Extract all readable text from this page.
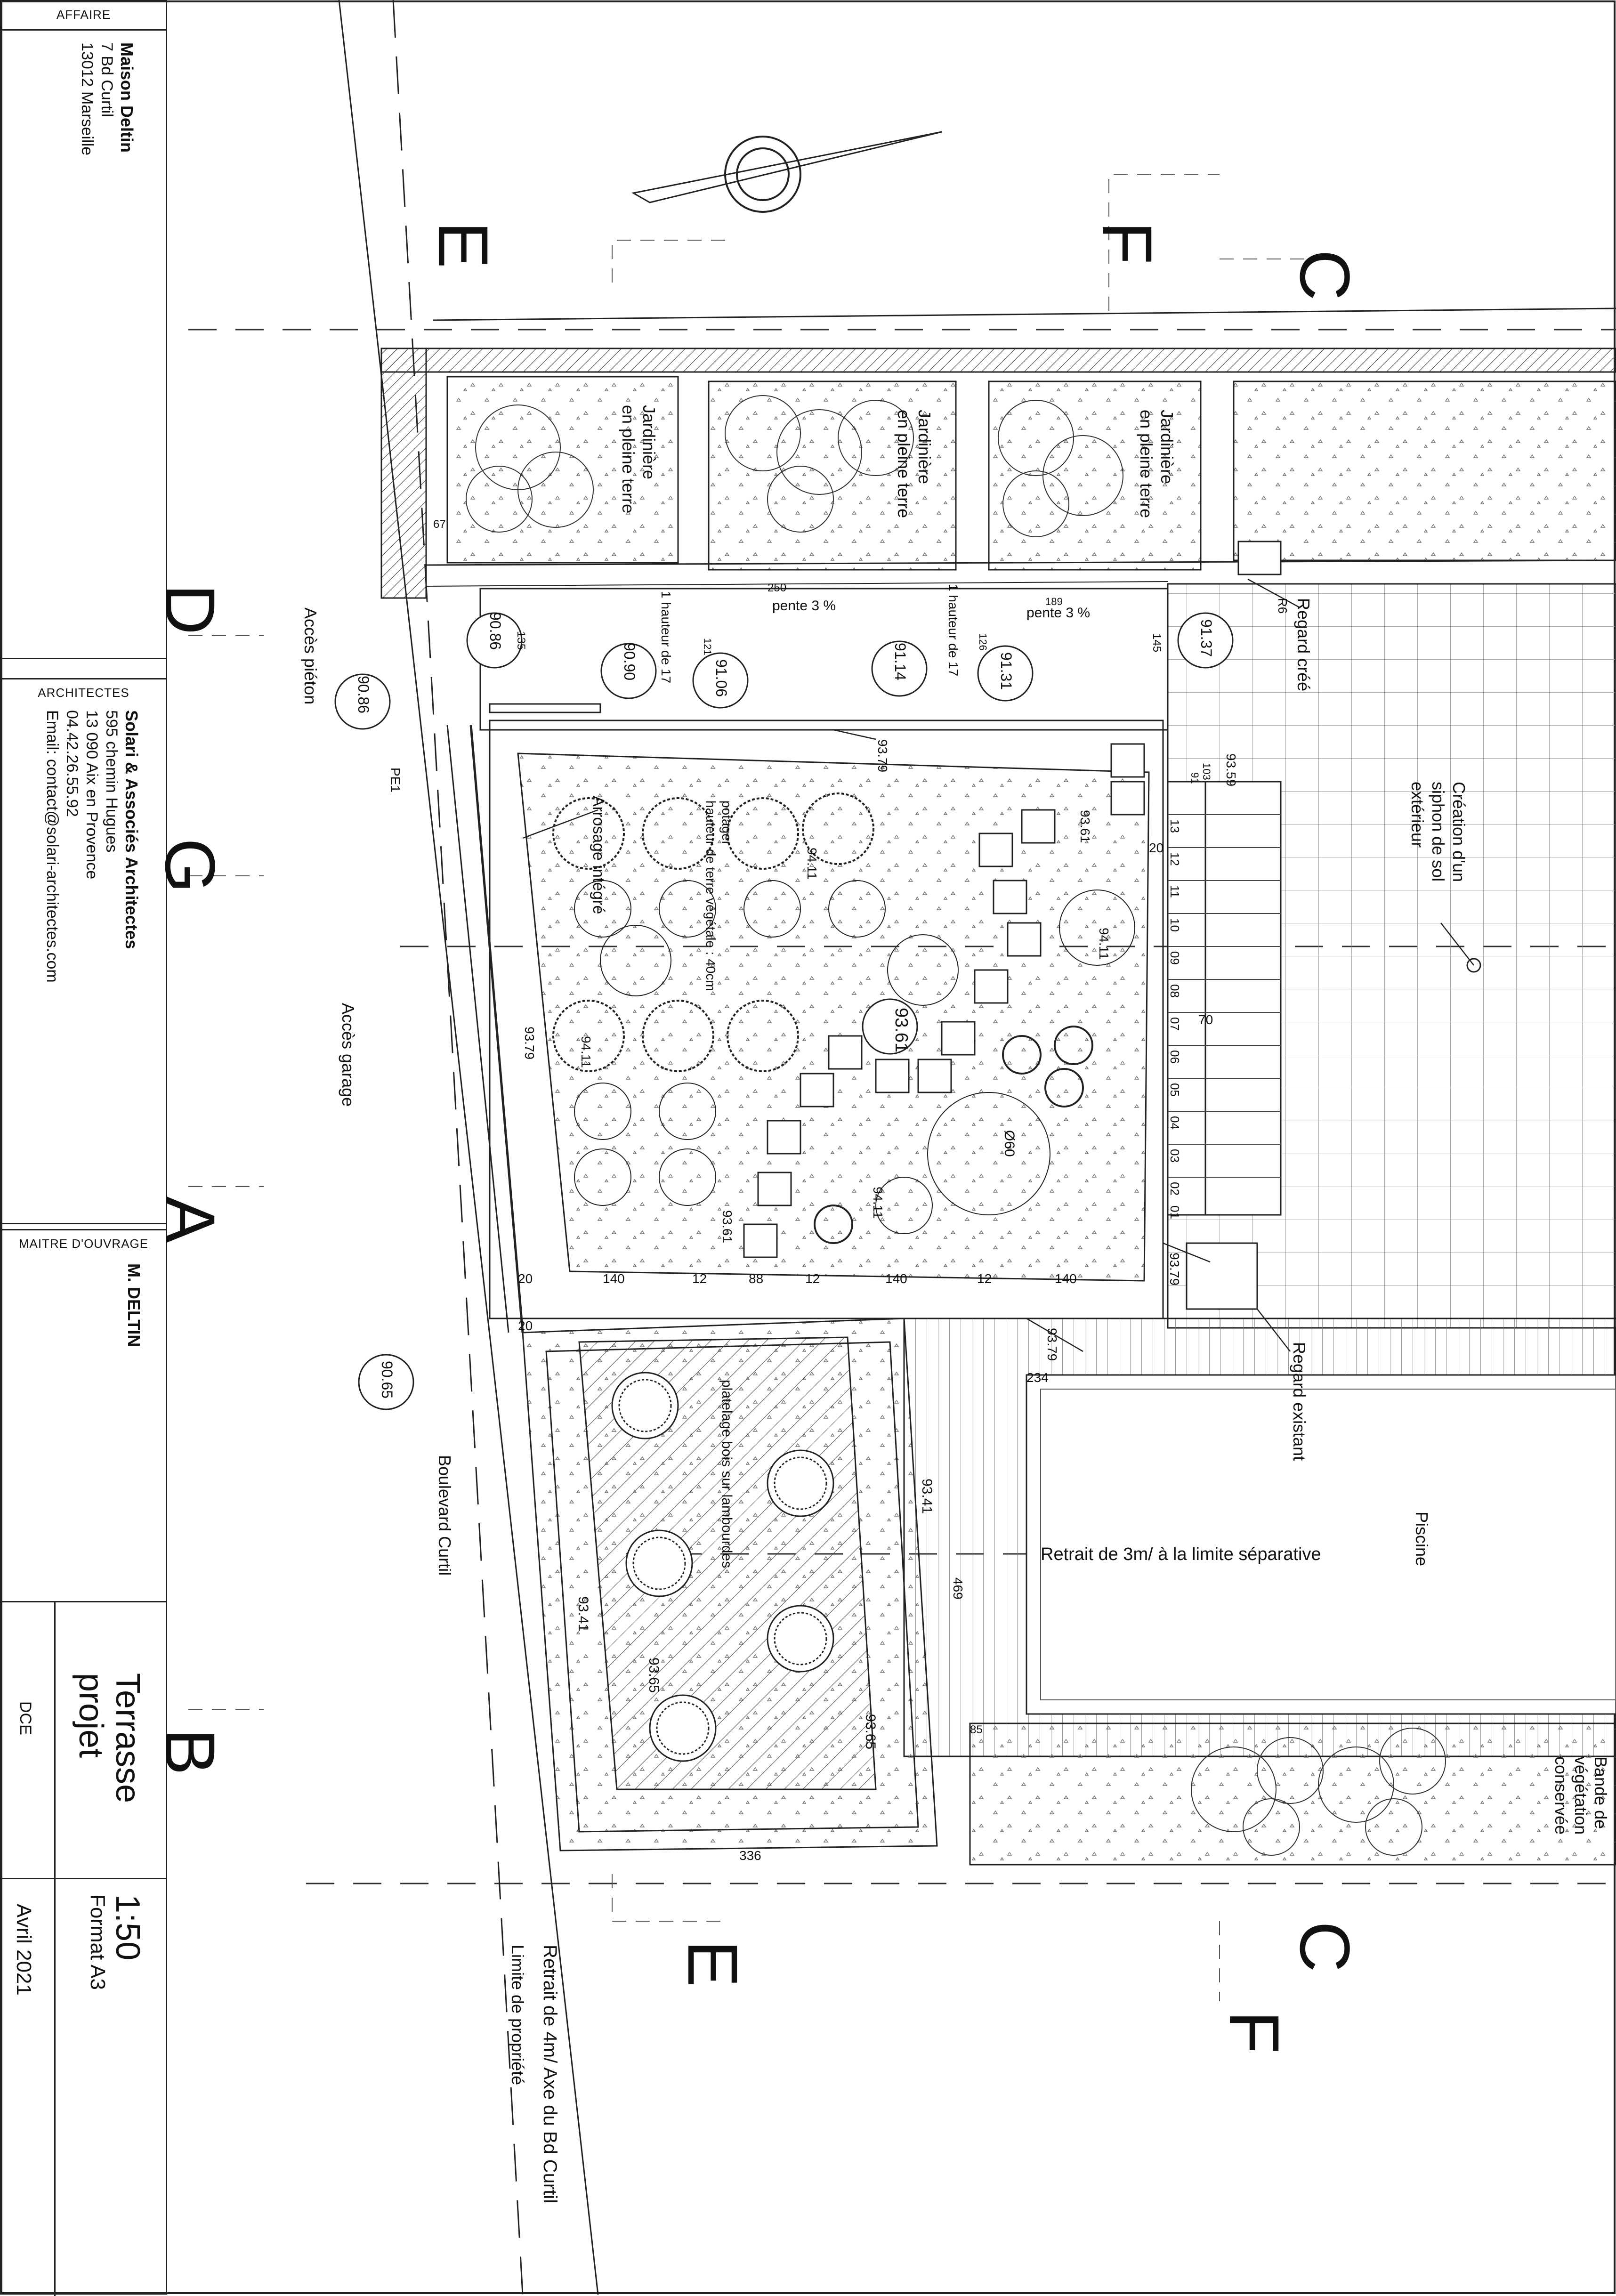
AFFAIRE
Maison Deltin
7 Bd Curtil
13012 Marseille
ARCHITECTES
Solari & Associés Architectes
595 chemin Hugues
13 090 Aix en Provence
04.42.26.55.92
Email: contact@solari-architectes.com
MAITRE D'OUVRAGE
M. DELTIN
Terrasse
projet
DCE
1:50
Format A3
Avril 2021
E	F
C
D
G
A
B
E	C
F
Jardinière
en pleine terre	Jardinière
en pleine terre	Jardinière
en pleine terre
Regard créé
R6
Création d'un
siphon de sol
extérieur
Accès piéton
Accès garage
PE1
Boulevard Curtil
Regard existant
Piscine
Retrait de 3m/ à la limite séparative
Retrait de 4m/ Axe du Bd Curtil
Limite de propriété
Bande de
végétation
conservée
platelage bois sur lambourdes
potager
hauteur de terre végétale : 40cm
Arrosage intégré
pente 3 %	pente 3 %
1 hauteur de 17	1 hauteur de 17
Ø60
90.86
90.86
90.90	91.06	91.14	91.31
91.37
90.65
93.79
93.79
93.79
93.79
93.59
93.61
93.61
93.61
94.11
94.11
94.11
94.11
93.41
93.41
93.65
93.65
67
135
250
189
121	126	145
103
91
20
70
140	12	88	12	140	12	140
20
20
234
469
85
336
13
12
11
10
09
08
07
06
05
04
03
02
01
